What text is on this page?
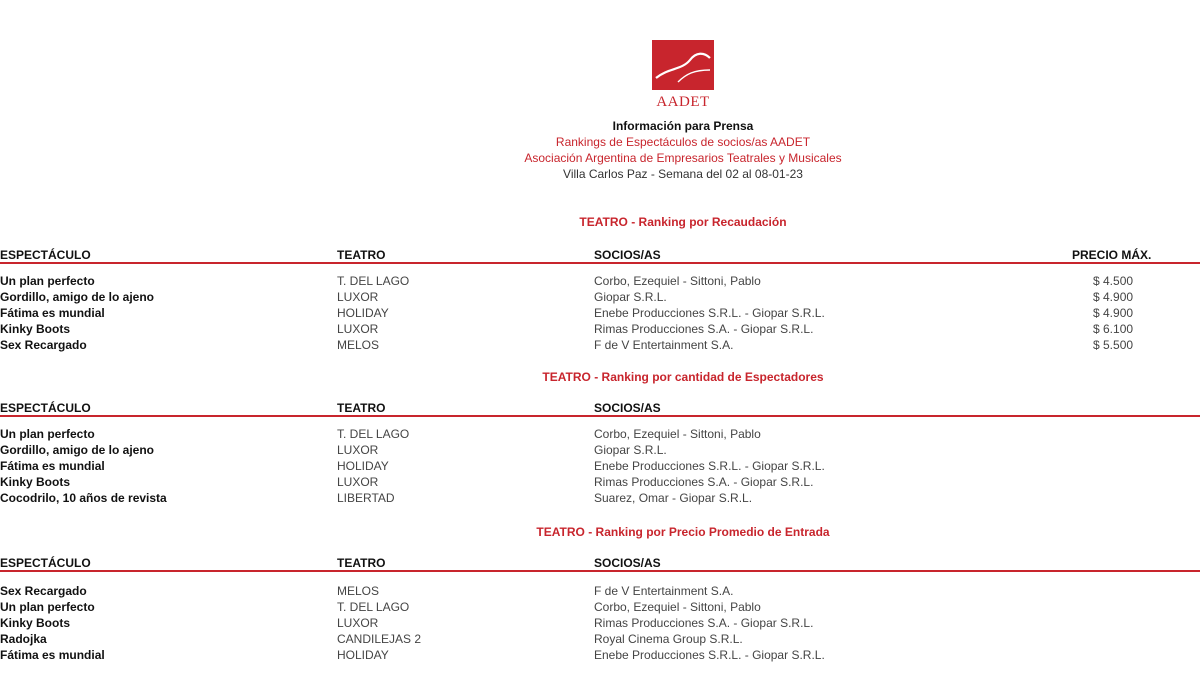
AADET
Información para Prensa
Rankings de Espectáculos de socios/as AADET
Asociación Argentina de Empresarios Teatrales y Musicales
Villa Carlos Paz - Semana del 02 al 08-01-23
TEATRO - Ranking por Recaudación
ESPECTÁCULO	TEATRO	SOCIOS/AS	PRECIO MÁX.
Un plan perfecto	T. DEL LAGO	Corbo, Ezequiel - Sittoni, Pablo	$ 4.500
Gordillo, amigo de lo ajeno	LUXOR	Giopar S.R.L.	$ 4.900
Fátima es mundial	HOLIDAY	Enebe Producciones S.R.L. - Giopar S.R.L.	$ 4.900
Kinky Boots	LUXOR	Rimas Producciones S.A. - Giopar S.R.L.	$ 6.100
Sex Recargado	MELOS	F de V Entertainment S.A.	$ 5.500
TEATRO - Ranking por cantidad de Espectadores
ESPECTÁCULO	TEATRO	SOCIOS/AS
Un plan perfecto	T. DEL LAGO	Corbo, Ezequiel - Sittoni, Pablo
Gordillo, amigo de lo ajeno	LUXOR	Giopar S.R.L.
Fátima es mundial	HOLIDAY	Enebe Producciones S.R.L. - Giopar S.R.L.
Kinky Boots	LUXOR	Rimas Producciones S.A. - Giopar S.R.L.
Cocodrilo, 10 años de revista	LIBERTAD	Suarez, Omar - Giopar S.R.L.
TEATRO - Ranking por Precio Promedio de Entrada
ESPECTÁCULO	TEATRO	SOCIOS/AS
Sex Recargado	MELOS	F de V Entertainment S.A.
Un plan perfecto	T. DEL LAGO	Corbo, Ezequiel - Sittoni, Pablo
Kinky Boots	LUXOR	Rimas Producciones S.A. - Giopar S.R.L.
Radojka	CANDILEJAS 2	Royal Cinema Group S.R.L.
Fátima es mundial	HOLIDAY	Enebe Producciones S.R.L. - Giopar S.R.L.
